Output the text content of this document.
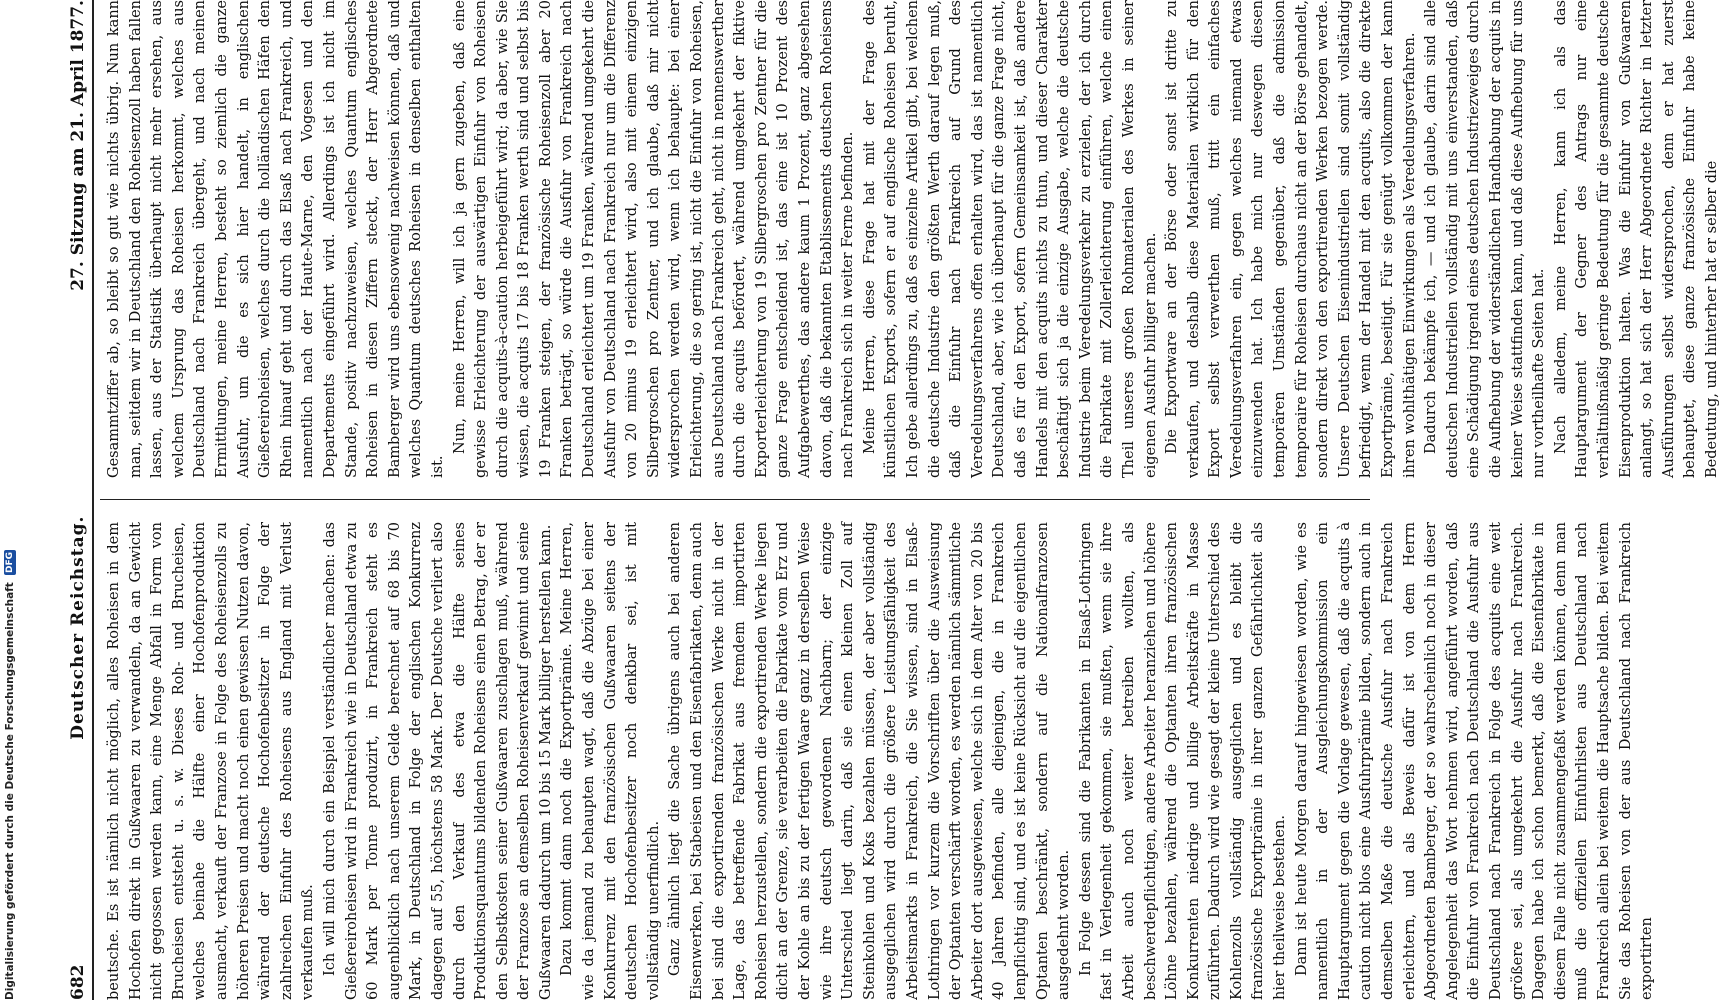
682
Deutscher Reichstag.
27. Sitzung am 21. April 1877.

beutsche. Es ist nämlich nicht möglich, alles Roheisen in dem Hochofen direkt in Gußwaaren zu verwandeln, da an Gewicht nicht gegossen werden kann, eine Menge Abfall in Form von Brucheisen entsteht u. s. w. Dieses Roh- und Brucheisen, welches beinahe die Hälfte einer Hochofenproduktion ausmacht, verkauft der Franzose in Folge des Roheisenzolls zu höheren Preisen und macht noch einen gewissen Nutzen davon, während der deutsche Hochofenbesitzer in Folge der zahlreichen Einfuhr des Roheisens aus England mit Verlust verkaufen muß. Ich will mich durch ein Beispiel verständlicher machen: das Gießereiroheisen wird in Frankreich wie in Deutschland etwa zu 60 Mark per Tonne produzirt, in Frankreich steht es augenblicklich nach unserem Gelde berechnet auf 68 bis 70 Mark, in Deutschland in Folge der englischen Konkurrenz dagegen auf 55, höchstens 58 Mark. Der Deutsche verliert also durch den Verkauf des etwa die Hälfte seines Produktionsquantums bildenden Roheisens einen Betrag, der er den Selbstkosten seiner Gußwaaren zuschlagen muß, während der Franzose an demselben Roheisenverkauf gewinnt und seine Gußwaaren dadurch um 10 bis 15 Mark billiger herstellen kann. Dazu kommt dann noch die Exportprämie. Meine Herren, wie da jemand zu behaupten wagt, daß die Abzüge bei einer Konkurrenz mit den französischen Gußwaaren seitens der deutschen Hochofenbesitzer noch denkbar sei, ist mit vollständig unerfindlich. Ganz ähnlich liegt die Sache übrigens auch bei anderen Eisenwerken, bei Stabeisen und den Eisenfabrikaten, denn auch bei sind die exportirenden französischen Werke nicht in der Lage, das betreffende Fabrikat aus fremdem importirten Roheisen herzustellen, sondern die exportirenden Werke liegen dicht an der Grenze, sie verarbeiten die Fabrikate vom Erz und der Kohle an bis zu der fertigen Waare ganz in derselben Weise wie ihre deutsch gewordenen Nachbarn; der einzige Unterschied liegt darin, daß sie einen kleinen Zoll auf Steinkohlen und Koks bezahlen müssen, der aber vollständig ausgeglichen wird durch die größere Leistungsfähigkeit des Arbeitsmarkts in Frankreich, die Sie wissen, sind in Elsaß-Lothringen vor kurzem die Vorschriften über die Ausweisung der Optanten verschärft worden, es werden nämlich sämmtliche Arbeiter dort ausgewiesen, welche sich in dem Alter von 20 bis 40 Jahren befinden, alle diejenigen, die in Frankreich lenpflichtig sind, und es ist keine Rücksicht auf die eigentlichen Optanten beschränkt, sondern auf die Nationalfranzosen ausgedehnt worden. In Folge dessen sind die Fabrikanten in Elsaß-Lothringen fast in Verlegenheit gekommen, sie mußten, wenn sie ihre Arbeit auch noch weiter betreiben wollten, als beschwerdepflichtigen, andere Arbeiter heranziehen und höhere Löhne bezahlen, während die Optanten ihren französischen Konkurrenten niedrige und billige Arbeitskräfte in Masse zuführten. Dadurch wird wie gesagt der kleine Unterschied des Kohlenzolls vollständig ausgeglichen und es bleibt die französische Exportprämie in ihrer ganzen Gefährlichkeit als hier theilweise bestehen. Dann ist heute Morgen darauf hingewiesen worden, wie es namentlich in der Ausgleichungskommission ein Hauptargument gegen die Vorlage gewesen, daß die acquits à caution nicht blos eine Ausfuhrprämie bilden, sondern auch in demselben Maße die deutsche Ausfuhr nach Frankreich erleichtern, und als Beweis dafür ist von dem Herrn Abgeordneten Bamberger, der so wahrscheinlich noch in dieser Angelegenheit das Wort nehmen wird, angeführt worden, daß die Einfuhr von Frankreich nach Deutschland die Ausfuhr aus Deutschland nach Frankreich in Folge des acquits eine weit größere sei, als umgekehrt die Ausfuhr nach Frankreich. Dagegen habe ich schon bemerkt, daß die Eisenfabrikate in diesem Falle nicht zusammengefaßt werden können, denn man muß die offiziellen Einfuhrlisten aus Deutschland nach Frankreich allein bei weitem die Hauptsache bilden. Bei weitem Sie das Roheisen von der aus Deutschland nach Frankreich exportirten

Gesammtziffer ab, so bleibt so gut wie nichts übrig. Nun kann man, seitdem wir in Deutschland den Roheisenzoll haben fallen lassen, aus der Statistik überhaupt nicht mehr ersehen, aus welchem Ursprung das Roheisen herkommt, welches aus Deutschland nach Frankreich übergeht, und nach meinen Ermittlungen, meine Herren, besteht so ziemlich die ganze Ausfuhr, um die es sich hier handelt, in englischen Gießereiroheisen, welches durch die holländischen Häfen den Rhein hinauf geht und durch das Elsaß nach Frankreich, und namentlich nach der Haute-Marne, den Vogesen und den Departements eingeführt wird. Allerdings ist ich nicht im Stande, positiv nachzuweisen, welches Quantum englisches Roheisen in diesen Ziffern steckt, der Herr Abgeordnete Bamberger wird uns ebensowenig nachweisen können, daß und welches Quantum deutsches Roheisen in denselben enthalten ist.

Nun, meine Herren, will ich ja gern zugeben, daß eine gewisse Erleichterung der auswärtigen Einfuhr von Roheisen durch die acquits-à-caution herbeigeführt wird; da aber, wie Sie wissen, die acquits 17 bis 18 Franken werth sind und selbst bis 19 Franken steigen, der französische Roheisenzoll aber 20 Franken beträgt, so würde die Ausfuhr von Frankreich nach Deutschland erleichtert um 19 Franken, während umgekehrt die Ausfuhr von Deutschland nach Frankreich nur um die Differenz von 20 minus 19 erleichtert wird, also mit einem einzigen Silbergroschen pro Zentner, und ich glaube, daß mir nicht widersprochen werden wird, wenn ich behaupte: bei einer Erleichterung, die so gering ist, nicht die Einfuhr von Roheisen, aus Deutschland nach Frankreich geht, nicht in nennenswerther durch die acquits befördert, während umgekehrt der fiktive Exporterleichterung von 19 Silbergroschen pro Zentner für die ganze Frage entscheidend ist, das eine ist 10 Prozent des Aufgabewerthes, das andere kaum 1 Prozent, ganz abgesehen davon, daß die bekannten Etablissements deutschen Roheisens nach Frankreich sich in weiter Ferne befinden. Meine Herren, diese Frage hat mit der Frage des künstlichen Exports, sofern er auf englische Roheisen beruht, Ich gebe allerdings zu, daß es einzelne Artikel gibt, bei welchen die deutsche Industrie den größten Werth darauf legen muß, daß die Einfuhr nach Frankreich auf Grund des Veredelungsverfahrens offen erhalten wird, das ist namentlich Deutschland, aber, wie ich überhaupt für die ganze Frage nicht, daß es für den Export, sofern Gemeinsamkeit ist, daß andere Handels mit den acquits nichts zu thun, und dieser Charakter beschäftigt sich ja die einzige Ausgabe, welche die deutsche Industrie beim Veredelungsverkehr zu erzielen, der ich durch die Fabrikate mit Zollerleichterung einführen, welche einen Theil unseres großen Rohmaterialen des Werkes in seiner eigenen Ausfuhr billiger machen. Die Exportware an der Börse oder sonst ist dritte zu verkaufen, und deshalb diese Materialien wirklich für den Export selbst verwerthen muß, tritt ein einfaches Veredelungsverfahren ein, gegen welches niemand etwas einzuwenden hat. Ich habe mich nur deswegen diesen temporären Umständen gegenüber, daß die admission temporaire für Roheisen durchaus nicht an der Börse gehandelt, sondern direkt von den exportirenden Werken bezogen werde. Unsere Deutschen Eisenindustriellen sind somit vollständig befriedigt, wenn der Handel mit den acquits, also die direkte Exportprämie, beseitigt. Für sie genügt vollkommen der kann ihren wohlthätigen Einwirkungen als Veredelungsverfahren. Dadurch bekämpfe ich, — und ich glaube, darin sind alle deutschen Industriellen vollständig mit uns einverstanden, daß eine Schädigung irgend eines deutschen Industriezweiges durch die Aufhebung der widerständlichen Handhabung der acquits in keiner Weise stattfinden kann, und daß diese Aufhebung für uns nur vortheilhafte Seiten hat. Nach alledem, meine Herren, kann ich als das Hauptargument der Gegner des Antrags nur eine verhältnißmäßig geringe Bedeutung für die gesammte deutsche Eisenproduktion halten. Was die Einfuhr von Gußwaaren anlangt, so hat sich der Herr Abgeordnete Richter in letzter Ausführungen selbst widersprochen, denn er hat zuerst behauptet, diese ganze französische Einfuhr habe keine Bedeutung, und hinterher hat er selber die

Digitalisierung gefördert durch die Deutsche Forschungsgemeinschaft DFG
